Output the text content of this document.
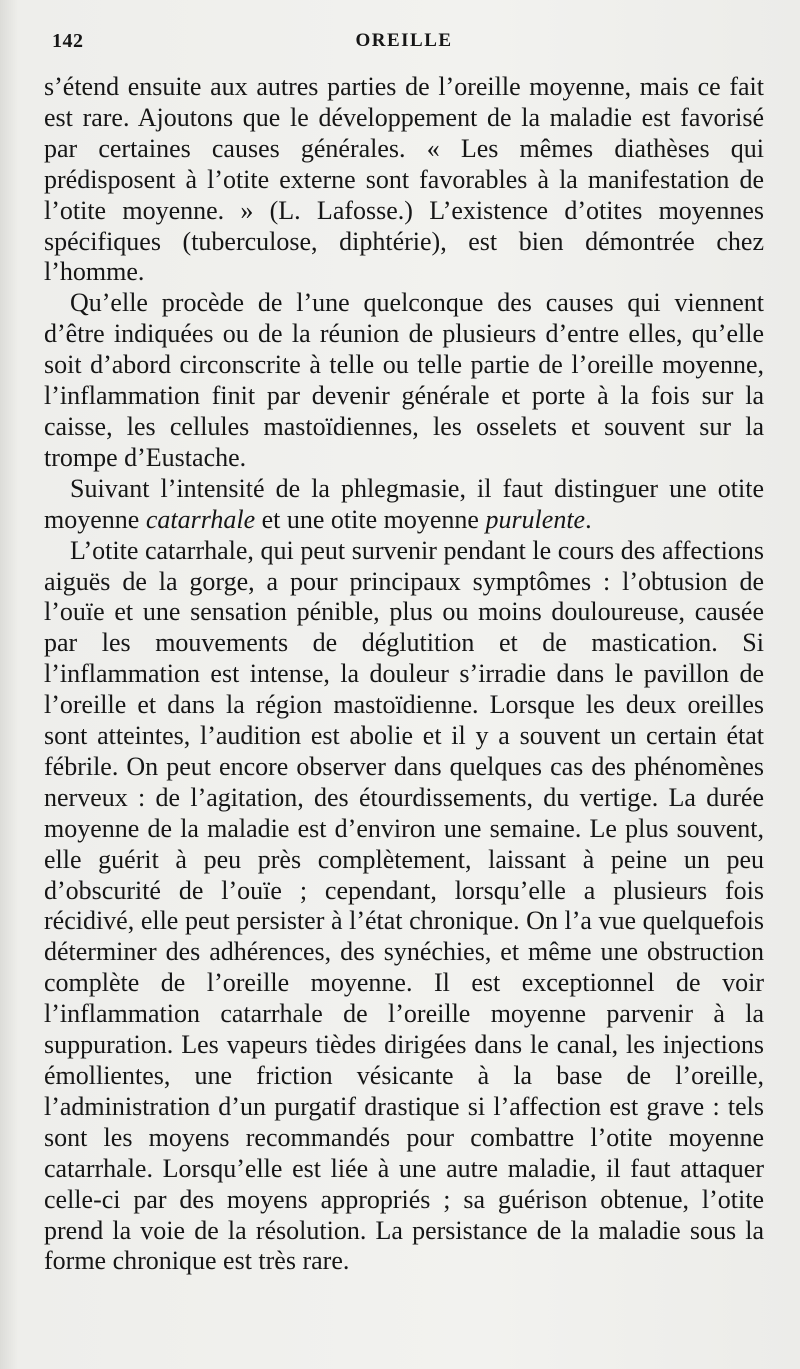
142	OREILLE

s’étend ensuite aux autres parties de l’oreille moyenne, mais ce fait est rare. Ajoutons que le développement de la maladie est favorisé par certaines causes générales. « Les mêmes diathèses qui prédisposent à l’otite externe sont favorables à la manifestation de l’otite moyenne. » (L. Lafosse.) L’existence d’otites moyennes spécifiques (tuberculose, diphtérie), est bien démontrée chez l’homme.

Qu’elle procède de l’une quelconque des causes qui viennent d’être indiquées ou de la réunion de plusieurs d’entre elles, qu’elle soit d’abord circonscrite à telle ou telle partie de l’oreille moyenne, l’inflammation finit par devenir générale et porte à la fois sur la caisse, les cellules mastoïdiennes, les osselets et souvent sur la trompe d’Eustache.

Suivant l’intensité de la phlegmasie, il faut distinguer une otite moyenne catarrhale et une otite moyenne purulente.

L’otite catarrhale, qui peut survenir pendant le cours des affections aiguës de la gorge, a pour principaux symptômes : l’obtusion de l’ouïe et une sensation pénible, plus ou moins douloureuse, causée par les mouvements de déglutition et de mastication. Si l’inflammation est intense, la douleur s’irradie dans le pavillon de l’oreille et dans la région mastoïdienne. Lorsque les deux oreilles sont atteintes, l’audition est abolie et il y a souvent un certain état fébrile. On peut encore observer dans quelques cas des phénomènes nerveux : de l’agitation, des étourdissements, du vertige. La durée moyenne de la maladie est d’environ une semaine. Le plus souvent, elle guérit à peu près complètement, laissant à peine un peu d’obscurité de l’ouïe ; cependant, lorsqu’elle a plusieurs fois récidivé, elle peut persister à l’état chronique. On l’a vue quelquefois déterminer des adhérences, des synéchies, et même une obstruction complète de l’oreille moyenne. Il est exceptionnel de voir l’inflammation catarrhale de l’oreille moyenne parvenir à la suppuration. Les vapeurs tièdes dirigées dans le canal, les injections émollientes, une friction vésicante à la base de l’oreille, l’administration d’un purgatif drastique si l’affection est grave : tels sont les moyens recommandés pour combattre l’otite moyenne catarrhale. Lorsqu’elle est liée à une autre maladie, il faut attaquer celle-ci par des moyens appropriés ; sa guérison obtenue, l’otite prend la voie de la résolution. La persistance de la maladie sous la forme chronique est très rare.
